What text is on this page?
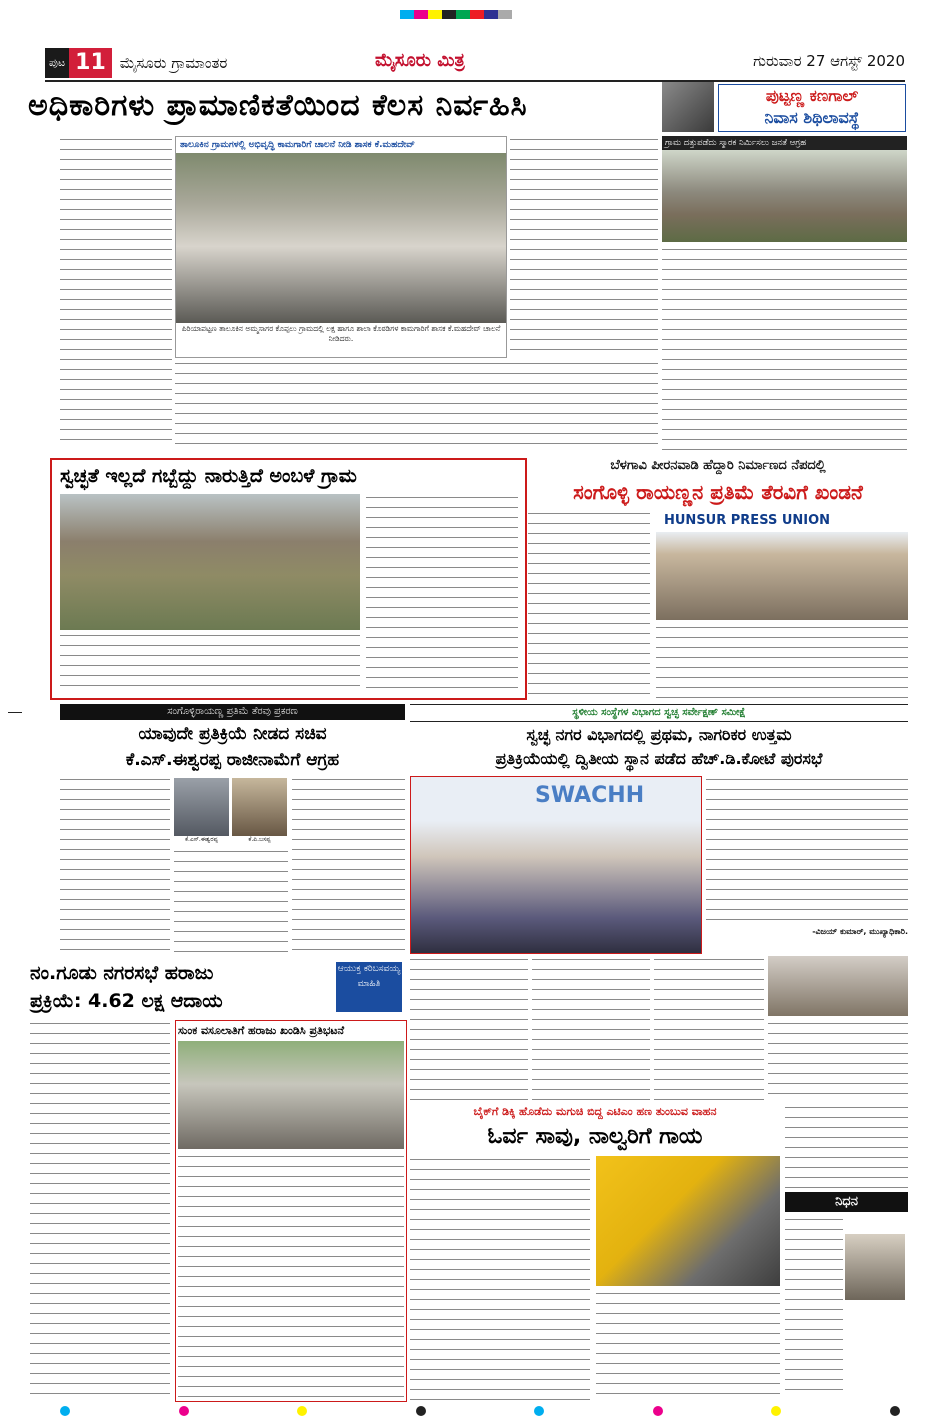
ಪುಟ 11 ಮೈಸೂರು ಗ್ರಾಮಾಂತರ	ಮೈಸೂರು ಮಿತ್ರ	ಗುರುವಾರ 27 ಆಗಸ್ಟ್ 2020
ಅಧಿಕಾರಿಗಳು ಪ್ರಾಮಾಣಿಕತೆಯಿಂದ ಕೆಲಸ ನಿರ್ವಹಿಸಿ
ತಾಲೂಕಿನ ಗ್ರಾಮಗಳಲ್ಲಿ ಅಭಿವೃದ್ಧಿ ಕಾಮಗಾರಿಗೆ ಚಾಲನೆ ನೀಡಿ ಶಾಸಕ ಕೆ.ಮಹದೇವ್
ಪಿರಿಯಾಪಟ್ಟಣ ತಾಲೂಕಿನ ಅಮ್ಮಸಾಗರ ಕೊಪ್ಪಲು ಗ್ರಾಮದಲ್ಲಿ ಲಕ್ಷ ಹಾಗೂ ಶಾಲಾ ಕೊಠಡಿಗಳ ಕಾಮಗಾರಿಗೆ ಶಾಸಕ ಕೆ.ಮಹದೇವ್ ಚಾಲನೆ ನೀಡಿದರು.
ಪುಟ್ಟಣ್ಣ ಕಣಗಾಲ್
ನಿವಾಸ ಶಿಥಿಲಾವಸ್ಥೆ
ಗ್ರಾಮ ದತ್ತುಪಡೆದು ಸ್ಮಾರಕ ನಿರ್ಮಿಸಲು ಜನತೆ ಆಗ್ರಹ
ಸ್ವಚ್ಛತೆ ಇಲ್ಲದೆ ಗಬ್ಬೆದ್ದು ನಾರುತ್ತಿದೆ ಅಂಬಳೆ ಗ್ರಾಮ	ಬೆಳಗಾವಿ ಪೀರನವಾಡಿ ಹೆದ್ದಾರಿ ನಿರ್ಮಾಣದ ನೆಪದಲ್ಲಿ
ಸಂಗೊಳ್ಳಿ ರಾಯಣ್ಣನ ಪ್ರತಿಮೆ ತೆರವಿಗೆ ಖಂಡನೆ
HUNSUR PRESS UNION
ಸಂಗೊಳ್ಳಿರಾಯಣ್ಣ ಪ್ರತಿಮೆ ತೆರವು ಪ್ರಕರಣ
ಯಾವುದೇ ಪ್ರತಿಕ್ರಿಯೆ ನೀಡದ ಸಚಿವ
ಕೆ.ಎಸ್.ಈಶ್ವರಪ್ಪ ರಾಜೀನಾಮೆಗೆ ಆಗ್ರಹ
ಕೆ.ಎಸ್.ಈಶ್ವರಪ್ಪ	ಕೆ.ಪಿ.ಬಸಪ್ಪ
ಸ್ಥಳೀಯ ಸಂಸ್ಥೆಗಳ ವಿಭಾಗದ ಸ್ವಚ್ಛ ಸರ್ವೇಕ್ಷಣ್ ಸಮೀಕ್ಷೆ
ಸ್ವಚ್ಛ ನಗರ ವಿಭಾಗದಲ್ಲಿ ಪ್ರಥಮ, ನಾಗರಿಕರ ಉತ್ತಮ
ಪ್ರತಿಕ್ರಿಯೆಯಲ್ಲಿ ದ್ವಿತೀಯ ಸ್ಥಾನ ಪಡೆದ ಹೆಚ್.ಡಿ.ಕೋಟೆ ಪುರಸಭೆ
SWACHH
-ವಿಜಯ್ ಕುಮಾರ್, ಮುಖ್ಯಾಧಿಕಾರಿ.
ನಂ.ಗೂಡು ನಗರಸಭೆ ಹರಾಜು
ಪ್ರಕ್ರಿಯೆ: 4.62 ಲಕ್ಷ ಆದಾಯ
ಆಯುಕ್ತ ಕರಿಬಸವಯ್ಯ ಮಾಹಿತಿ
ಸುಂಕ ವಸೂಲಾತಿಗೆ ಹರಾಜು ಖಂಡಿಸಿ ಪ್ರತಿಭಟನೆ
ಬೈಕ್‌ಗೆ ಡಿಕ್ಕಿ ಹೊಡೆದು ಮಗುಚಿ ಬಿದ್ದ ಎಟಿಎಂ ಹಣ ತುಂಬುವ ವಾಹನ
ಓರ್ವ ಸಾವು, ನಾಲ್ವರಿಗೆ ಗಾಯ
ನಿಧನ
